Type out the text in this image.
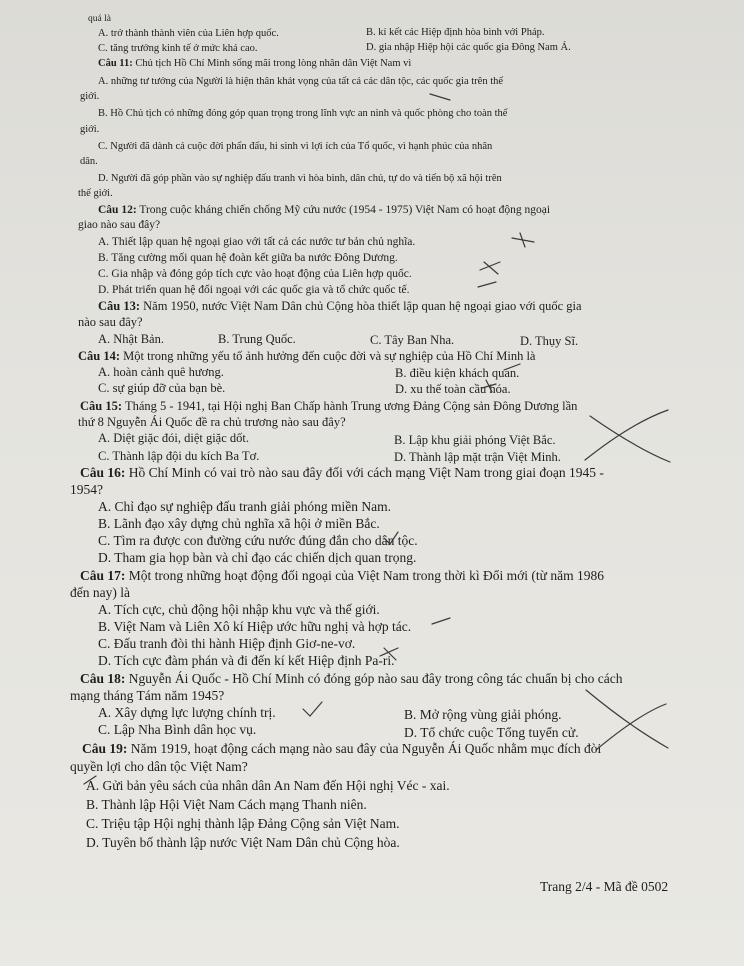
quá là
A. trở thành thành viên của Liên hợp quốc.	B. kí kết các Hiệp định hòa bình với Pháp.
C. tăng trưởng kinh tế ở mức khá cao.	D. gia nhập Hiệp hội các quốc gia Đông Nam Á.
Câu 11: Chủ tịch Hồ Chí Minh sống mãi trong lòng nhân dân Việt Nam vì
A. những tư tưởng của Người là hiện thân khát vọng của tất cả các dân tộc, các quốc gia trên thế
giới.
B. Hồ Chủ tịch có những đóng góp quan trọng trong lĩnh vực an ninh và quốc phòng cho toàn thế
giới.
C. Người đã dành cả cuộc đời phấn đấu, hi sinh vì lợi ích của Tổ quốc, vì hạnh phúc của nhân
dân.
D. Người đã góp phần vào sự nghiệp đấu tranh vì hòa bình, dân chủ, tự do và tiến bộ xã hội trên
thế giới.
Câu 12: Trong cuộc kháng chiến chống Mỹ cứu nước (1954 - 1975) Việt Nam có hoạt động ngoại
giao nào sau đây?
A. Thiết lập quan hệ ngoại giao với tất cả các nước tư bản chủ nghĩa.
B. Tăng cường mối quan hệ đoàn kết giữa ba nước Đông Dương.
C. Gia nhập và đóng góp tích cực vào hoạt động của Liên hợp quốc.
D. Phát triển quan hệ đối ngoại với các quốc gia và tổ chức quốc tế.
Câu 13: Năm 1950, nước Việt Nam Dân chủ Cộng hòa thiết lập quan hệ ngoại giao với quốc gia
nào sau đây?
A. Nhật Bản.	B. Trung Quốc.	C. Tây Ban Nha.	D. Thụy Sĩ.
Câu 14: Một trong những yếu tố ảnh hưởng đến cuộc đời và sự nghiệp của Hồ Chí Minh là
A. hoàn cảnh quê hương.	B. điều kiện khách quan.
C. sự giúp đỡ của bạn bè.	D. xu thế toàn cầu hóa.
Câu 15: Tháng 5 - 1941, tại Hội nghị Ban Chấp hành Trung ương Đảng Cộng sản Đông Dương lần
thứ 8 Nguyễn Ái Quốc đề ra chủ trương nào sau đây?
A. Diệt giặc đói, diệt giặc dốt.	B. Lập khu giải phóng Việt Bắc.
C. Thành lập đội du kích Ba Tơ.	D. Thành lập mặt trận Việt Minh.
Câu 16: Hồ Chí Minh có vai trò nào sau đây đối với cách mạng Việt Nam trong giai đoạn 1945 -
1954?
A. Chỉ đạo sự nghiệp đấu tranh giải phóng miền Nam.
B. Lãnh đạo xây dựng chủ nghĩa xã hội ở miền Bắc.
C. Tìm ra được con đường cứu nước đúng đắn cho dân tộc.
D. Tham gia họp bàn và chỉ đạo các chiến dịch quan trọng.
Câu 17: Một trong những hoạt động đối ngoại của Việt Nam trong thời kì Đổi mới (từ năm 1986
đến nay) là
A. Tích cực, chủ động hội nhập khu vực và thế giới.
B. Việt Nam và Liên Xô kí Hiệp ước hữu nghị và hợp tác.
C. Đấu tranh đòi thi hành Hiệp định Giơ-ne-vơ.
D. Tích cực đàm phán và đi đến kí kết Hiệp định Pa-ri.
Câu 18: Nguyễn Ái Quốc - Hồ Chí Minh có đóng góp nào sau đây trong công tác chuẩn bị cho cách
mạng tháng Tám năm 1945?
A. Xây dựng lực lượng chính trị.	B. Mở rộng vùng giải phóng.
C. Lập Nha Bình dân học vụ.	D. Tổ chức cuộc Tổng tuyển cử.
Câu 19: Năm 1919, hoạt động cách mạng nào sau đây của Nguyễn Ái Quốc nhằm mục đích đòi
quyền lợi cho dân tộc Việt Nam?
A. Gửi bản yêu sách của nhân dân An Nam đến Hội nghị Véc - xai.
B. Thành lập Hội Việt Nam Cách mạng Thanh niên.
C. Triệu tập Hội nghị thành lập Đảng Cộng sản Việt Nam.
D. Tuyên bố thành lập nước Việt Nam Dân chủ Cộng hòa.
Trang 2/4 - Mã đề 0502
